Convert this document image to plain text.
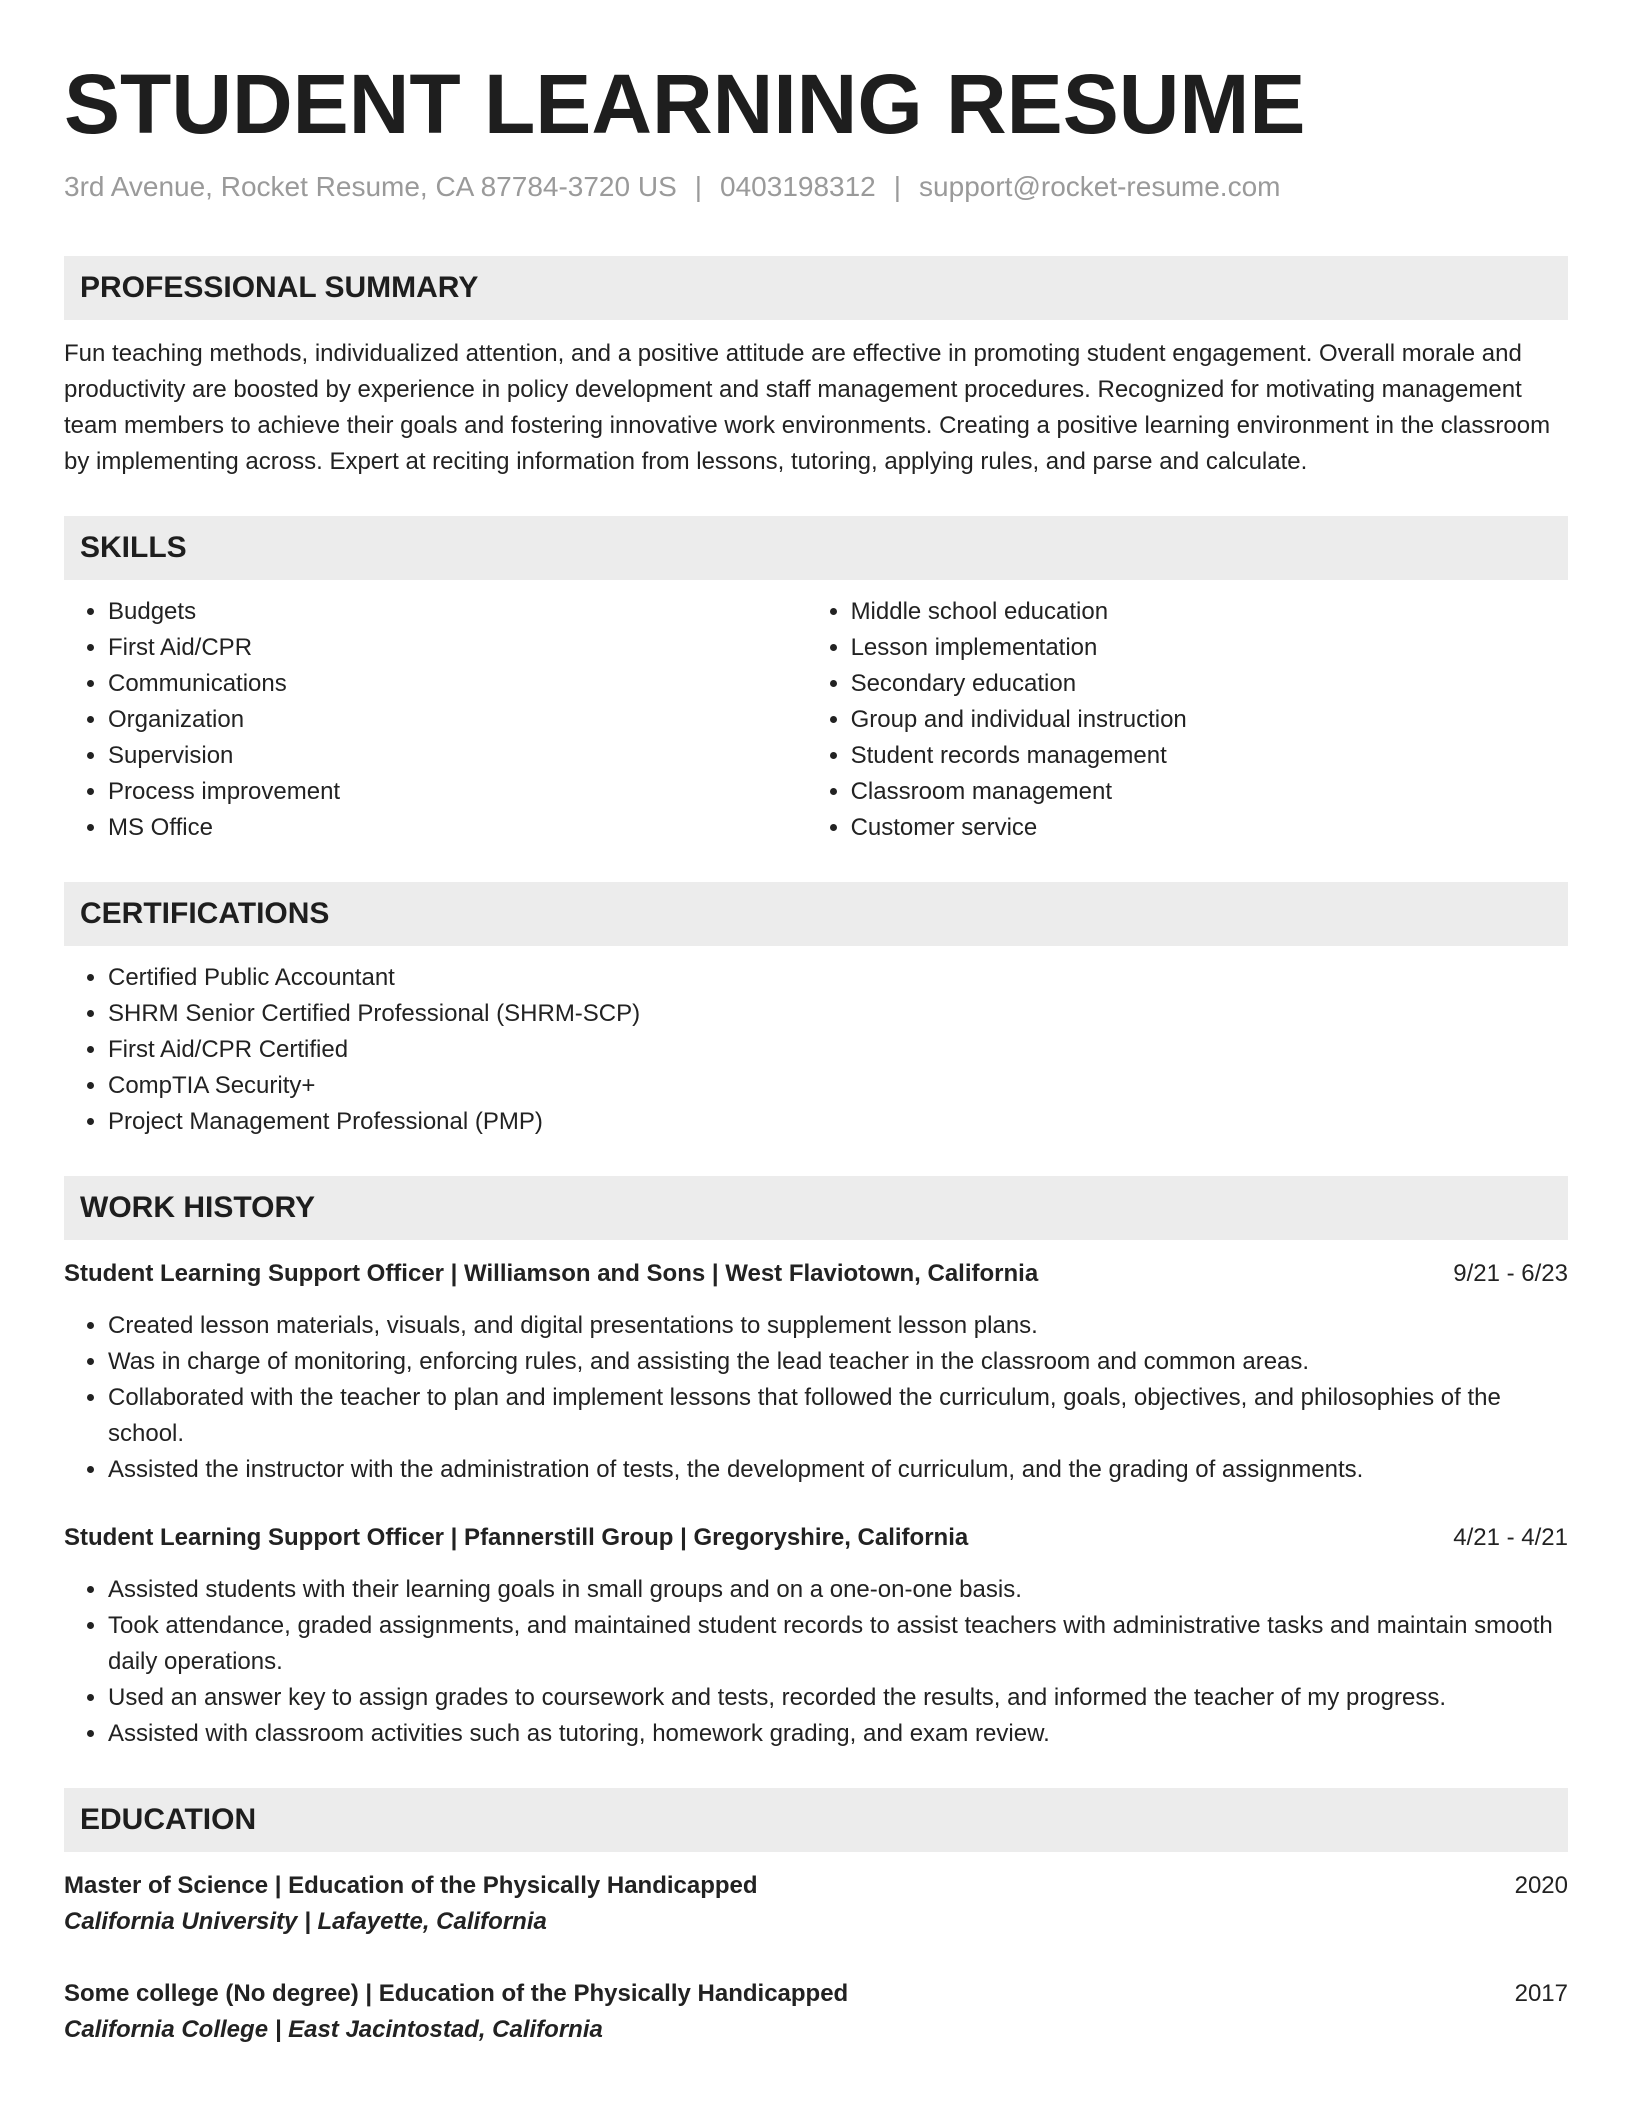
STUDENT LEARNING RESUME
3rd Avenue, Rocket Resume, CA 87784-3720 US | 0403198312 | support@rocket-resume.com
PROFESSIONAL SUMMARY

Fun teaching methods, individualized attention, and a positive attitude are effective in promoting student engagement. Overall morale and productivity are boosted by experience in policy development and staff management procedures. Recognized for motivating management team members to achieve their goals and fostering innovative work environments. Creating a positive learning environment in the classroom by implementing across. Expert at reciting information from lessons, tutoring, applying rules, and parse and calculate.

SKILLS
• Budgets
• First Aid/CPR
• Communications
• Organization
• Supervision
• Process improvement
• MS Office
• Middle school education
• Lesson implementation
• Secondary education
• Group and individual instruction
• Student records management
• Classroom management
• Customer service
CERTIFICATIONS
• Certified Public Accountant
• SHRM Senior Certified Professional (SHRM-SCP)
• First Aid/CPR Certified
• CompTIA Security+
• Project Management Professional (PMP)
WORK HISTORY
Student Learning Support Officer | Williamson and Sons | West Flaviotown, California	9/21 - 6/23
• Created lesson materials, visuals, and digital presentations to supplement lesson plans.
• Was in charge of monitoring, enforcing rules, and assisting the lead teacher in the classroom and common areas.
• Collaborated with the teacher to plan and implement lessons that followed the curriculum, goals, objectives, and philosophies of the school.
• Assisted the instructor with the administration of tests, the development of curriculum, and the grading of assignments.
Student Learning Support Officer | Pfannerstill Group | Gregoryshire, California	4/21 - 4/21
• Assisted students with their learning goals in small groups and on a one-on-one basis.
• Took attendance, graded assignments, and maintained student records to assist teachers with administrative tasks and maintain smooth daily operations.
• Used an answer key to assign grades to coursework and tests, recorded the results, and informed the teacher of my progress.
• Assisted with classroom activities such as tutoring, homework grading, and exam review.
EDUCATION
Master of Science | Education of the Physically Handicapped	2020
California University | Lafayette, California
Some college (No degree) | Education of the Physically Handicapped	2017
California College | East Jacintostad, California
